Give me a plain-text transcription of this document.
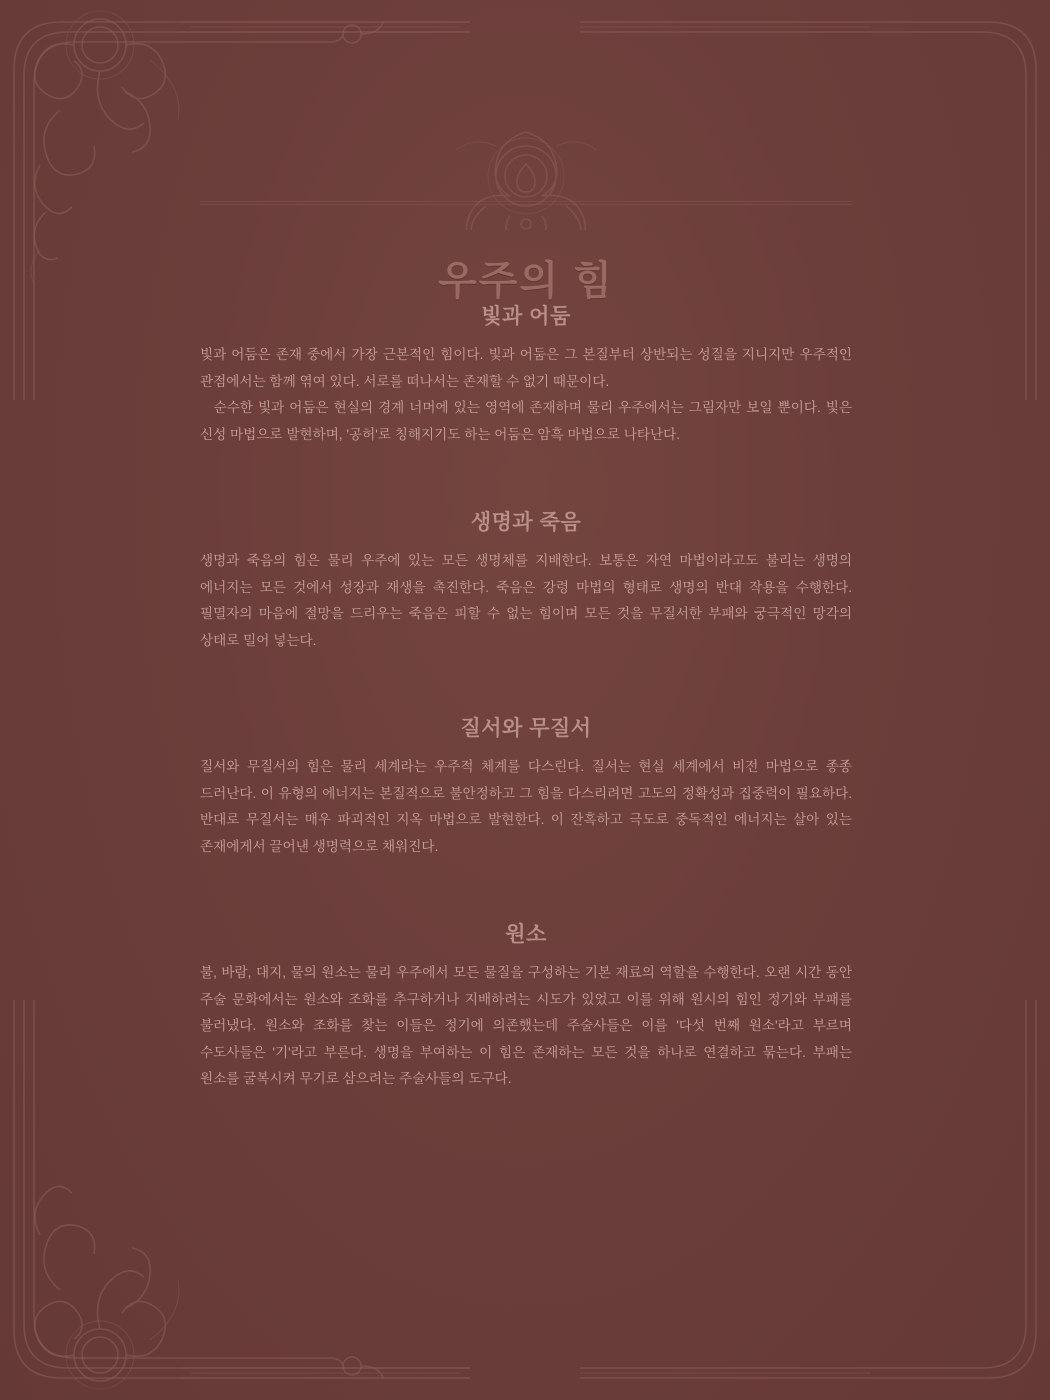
우주의 힘
빛과 어둠

빛과 어둠은 존재 중에서 가장 근본적인 힘이다. 빛과 어둠은 그 본질부터 상반되는 성질을 지니지만 우주적인 관점에서는 함께 엮여 있다. 서로를 떠나서는 존재할 수 없기 때문이다.

순수한 빛과 어둠은 현실의 경계 너머에 있는 영역에 존재하며 물리 우주에서는 그림자만 보일 뿐이다. 빛은 신성 마법으로 발현하며, '공허'로 칭해지기도 하는 어둠은 암흑 마법으로 나타난다.

생명과 죽음

생명과 죽음의 힘은 물리 우주에 있는 모든 생명체를 지배한다. 보통은 자연 마법이라고도 불리는 생명의 에너지는 모든 것에서 성장과 재생을 촉진한다. 죽음은 강령 마법의 형태로 생명의 반대 작용을 수행한다. 필멸자의 마음에 절망을 드리우는 죽음은 피할 수 없는 힘이며 모든 것을 무질서한 부패와 궁극적인 망각의 상태로 밀어 넣는다.

질서와 무질서

질서와 무질서의 힘은 물리 세계라는 우주적 체계를 다스린다. 질서는 현실 세계에서 비전 마법으로 종종 드러난다. 이 유형의 에너지는 본질적으로 불안정하고 그 힘을 다스리려면 고도의 정확성과 집중력이 필요하다. 반대로 무질서는 매우 파괴적인 지옥 마법으로 발현한다. 이 잔혹하고 극도로 중독적인 에너지는 살아 있는 존재에게서 끌어낸 생명력으로 채워진다.

원소

불, 바람, 대지, 물의 원소는 물리 우주에서 모든 물질을 구성하는 기본 재료의 역할을 수행한다. 오랜 시간 동안 주술 문화에서는 원소와 조화를 추구하거나 지배하려는 시도가 있었고 이를 위해 원시의 힘인 정기와 부패를 불러냈다. 원소와 조화를 찾는 이들은 정기에 의존했는데 주술사들은 이를 '다섯 번째 원소'라고 부르며 수도사들은 '기'라고 부른다. 생명을 부여하는 이 힘은 존재하는 모든 것을 하나로 연결하고 묶는다. 부패는 원소를 굴복시켜 무기로 삼으려는 주술사들의 도구다.
